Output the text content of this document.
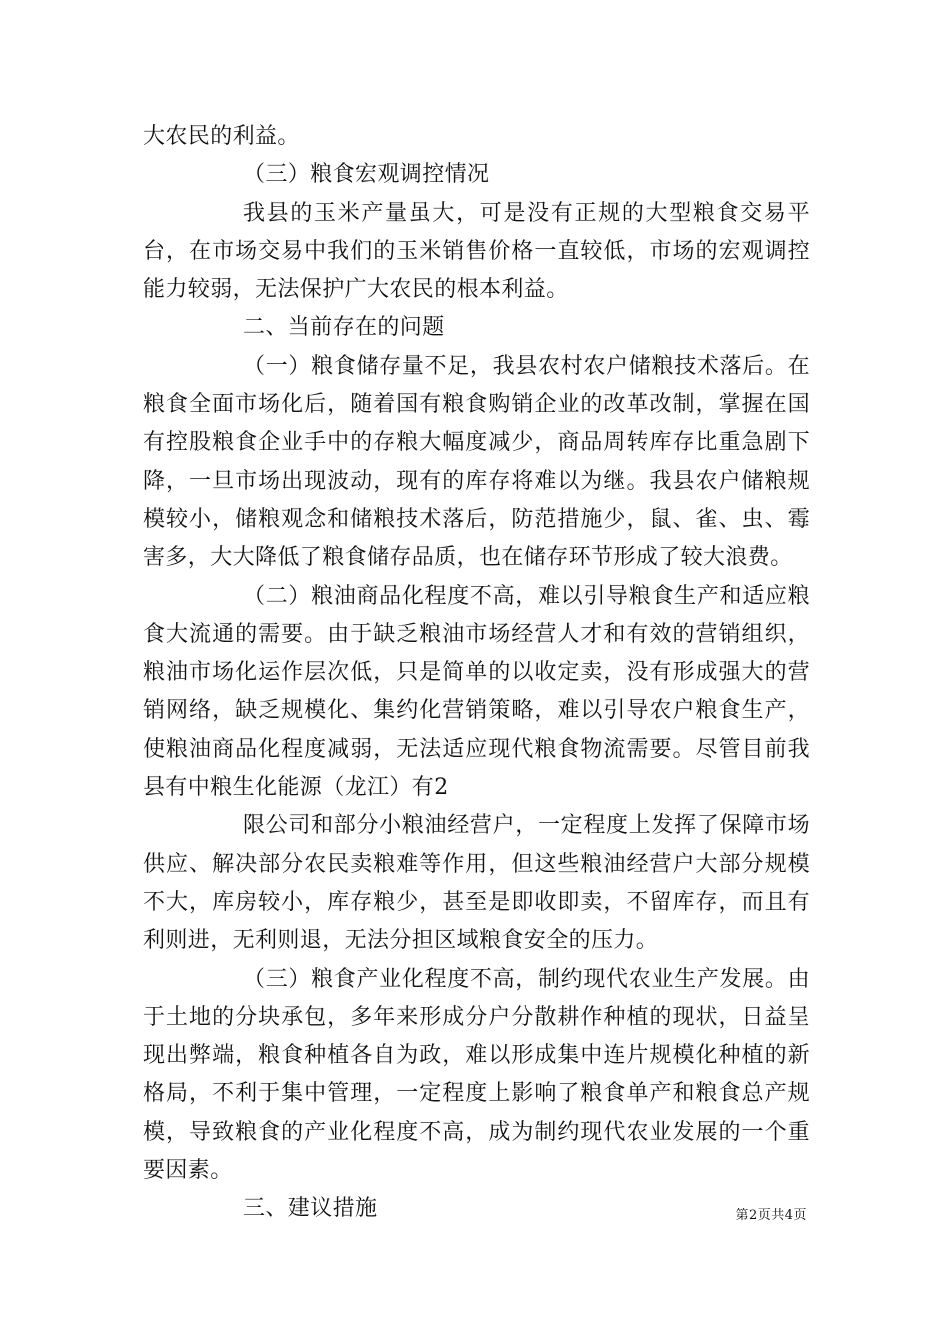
大农民的利益。

（三）粮食宏观调控情况

我县的玉米产量虽大，可是没有正规的大型粮食交易平台，在市场交易中我们的玉米销售价格一直较低，市场的宏观调控能力较弱，无法保护广大农民的根本利益。

二、当前存在的问题

（一）粮食储存量不足，我县农村农户储粮技术落后。在粮食全面市场化后，随着国有粮食购销企业的改革改制，掌握在国有控股粮食企业手中的存粮大幅度减少，商品周转库存比重急剧下降，一旦市场出现波动，现有的库存将难以为继。我县农户储粮规模较小，储粮观念和储粮技术落后，防范措施少，鼠、雀、虫、霉害多，大大降低了粮食储存品质，也在储存环节形成了较大浪费。

（二）粮油商品化程度不高，难以引导粮食生产和适应粮食大流通的需要。由于缺乏粮油市场经营人才和有效的营销组织，粮油市场化运作层次低，只是简单的以收定卖，没有形成强大的营销网络，缺乏规模化、集约化营销策略，难以引导农户粮食生产，使粮油商品化程度减弱，无法适应现代粮食物流需要。尽管目前我县有中粮生化能源（龙江）有2

限公司和部分小粮油经营户，一定程度上发挥了保障市场供应、解决部分农民卖粮难等作用，但这些粮油经营户大部分规模不大，库房较小，库存粮少，甚至是即收即卖，不留库存，而且有利则进，无利则退，无法分担区域粮食安全的压力。

（三）粮食产业化程度不高，制约现代农业生产发展。由于土地的分块承包，多年来形成分户分散耕作种植的现状，日益呈现出弊端，粮食种植各自为政，难以形成集中连片规模化种植的新格局，不利于集中管理，一定程度上影响了粮食单产和粮食总产规模，导致粮食的产业化程度不高，成为制约现代农业发展的一个重要因素。

三、建议措施	第2页共4页
